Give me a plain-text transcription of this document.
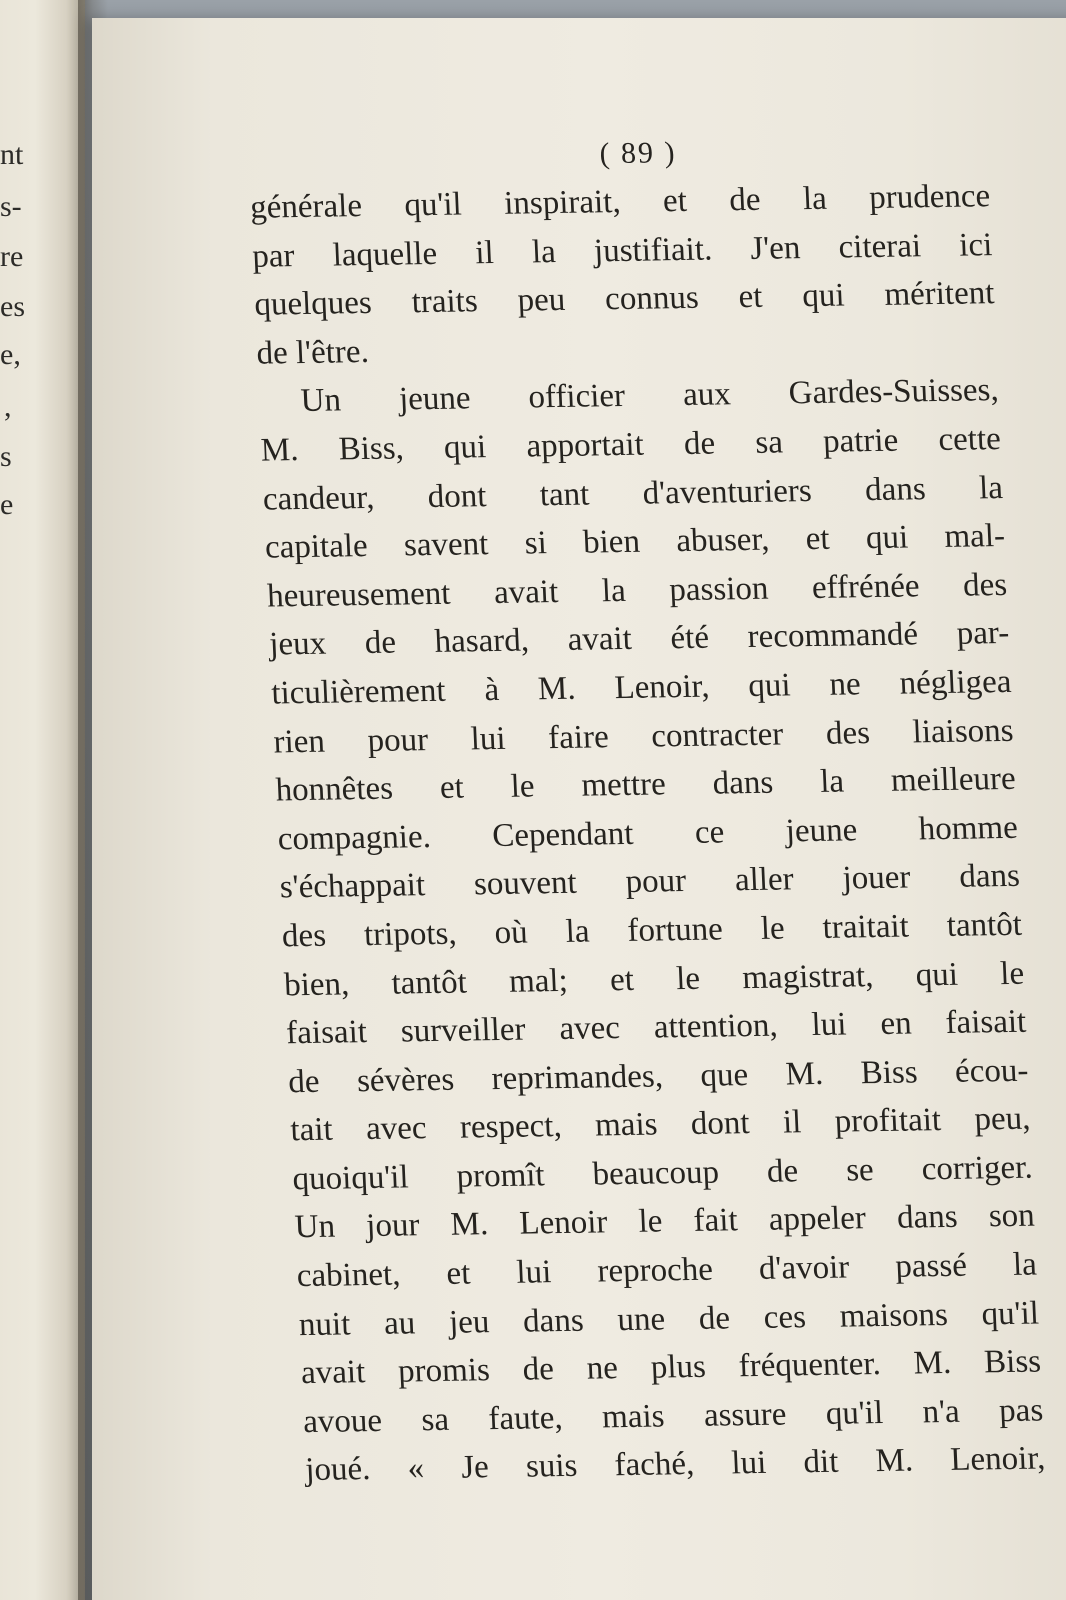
nt
s-
re
es
e,
,
s
e
( 89 )
générale qu'il inspirait, et de la prudence
par laquelle il la justifiait. J'en citerai ici
quelques traits peu connus et qui méritent
de l'être.
Un jeune officier aux Gardes-Suisses,
M. Biss, qui apportait de sa patrie cette
candeur, dont tant d'aventuriers dans la
capitale savent si bien abuser, et qui mal-
heureusement avait la passion effrénée des
jeux de hasard, avait été recommandé par-
ticulièrement à M. Lenoir, qui ne négligea
rien pour lui faire contracter des liaisons
honnêtes et le mettre dans la meilleure
compagnie. Cependant ce jeune homme
s'échappait souvent pour aller jouer dans
des tripots, où la fortune le traitait tantôt
bien, tantôt mal; et le magistrat, qui le
faisait surveiller avec attention, lui en faisait
de sévères reprimandes, que M. Biss écou-
tait avec respect, mais dont il profitait peu,
quoiqu'il promît beaucoup de se corriger.
Un jour M. Lenoir le fait appeler dans son
cabinet, et lui reproche d'avoir passé la
nuit au jeu dans une de ces maisons qu'il
avait promis de ne plus fréquenter. M. Biss
avoue sa faute, mais assure qu'il n'a pas
joué. « Je suis faché, lui dit M. Lenoir,
